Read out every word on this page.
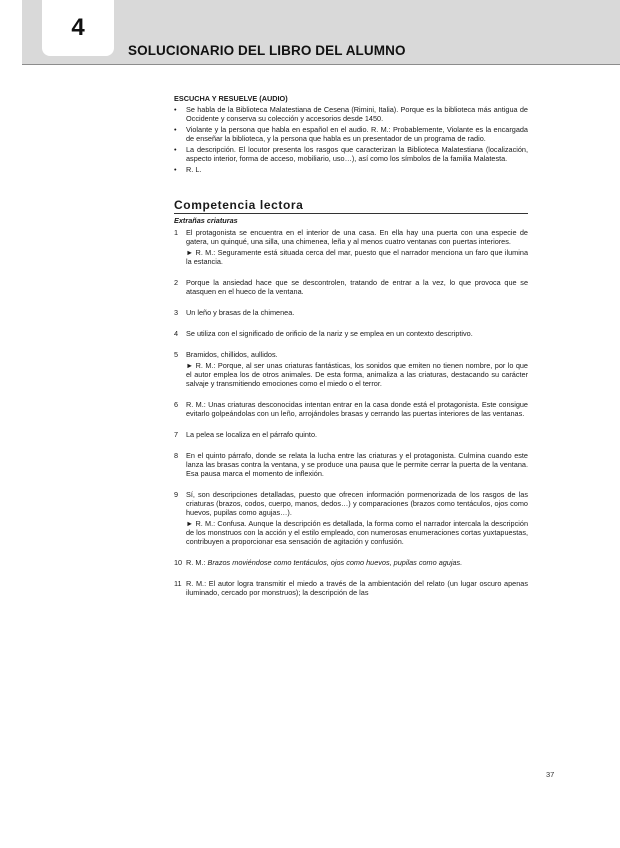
4
SOLUCIONARIO DEL LIBRO DEL ALUMNO
ESCUCHA Y RESUELVE (AUDIO)
• Se habla de la Biblioteca Malatestiana de Cesena (Rimini, Italia). Porque es la biblioteca más antigua de Occidente y conserva su colección y accesorios desde 1450.
• Violante y la persona que habla en español en el audio. R. M.: Probablemente, Violante es la encargada de enseñar la biblioteca, y la persona que habla es un presentador de un programa de radio.
• La descripción. El locutor presenta los rasgos que caracterizan la Biblioteca Malatestiana (localización, aspecto interior, forma de acceso, mobiliario, uso…), así como los símbolos de la familia Malatesta.
• R. L.
Competencia lectora
Extrañas criaturas
1 El protagonista se encuentra en el interior de una casa. En ella hay una puerta con una especie de gatera, un quinqué, una silla, una chimenea, leña y al menos cuatro ventanas con puertas interiores.

► R. M.: Seguramente está situada cerca del mar, puesto que el narrador menciona un faro que ilumina la estancia.

2 Porque la ansiedad hace que se descontrolen, tratando de entrar a la vez, lo que provoca que se atasquen en el hueco de la ventana.

3 Un leño y brasas de la chimenea.

4 Se utiliza con el significado de orificio de la nariz y se emplea en un contexto descriptivo.

5 Bramidos, chillidos, aullidos.

► R. M.: Porque, al ser unas criaturas fantásticas, los sonidos que emiten no tienen nombre, por lo que el autor emplea los de otros animales. De esta forma, animaliza a las criaturas, destacando su carácter salvaje y transmitiendo emociones como el miedo o el terror.

6 R. M.: Unas criaturas desconocidas intentan entrar en la casa donde está el protagonista. Este consigue evitarlo golpeándolas con un leño, arrojándoles brasas y cerrando las puertas interiores de las ventanas.

7 La pelea se localiza en el párrafo quinto.

8 En el quinto párrafo, donde se relata la lucha entre las criaturas y el protagonista. Culmina cuando este lanza las brasas contra la ventana, y se produce una pausa que le permite cerrar la puerta de la ventana. Esa pausa marca el momento de inflexión.

9 Sí, son descripciones detalladas, puesto que ofrecen información pormenorizada de los rasgos de las criaturas (brazos, codos, cuerpo, manos, dedos…) y comparaciones (brazos como tentáculos, ojos como huevos, pupilas como agujas…).

► R. M.: Confusa. Aunque la descripción es detallada, la forma como el narrador intercala la descripción de los monstruos con la acción y el estilo empleado, con numerosas enumeraciones cortas yuxtapuestas, contribuyen a proporcionar esa sensación de agitación y confusión.

10 R. M.: Brazos moviéndose como tentáculos, ojos como huevos, pupilas como agujas.

11 R. M.: El autor logra transmitir el miedo a través de la ambientación del relato (un lugar oscuro apenas iluminado, cercado por monstruos); la descripción de las

37
